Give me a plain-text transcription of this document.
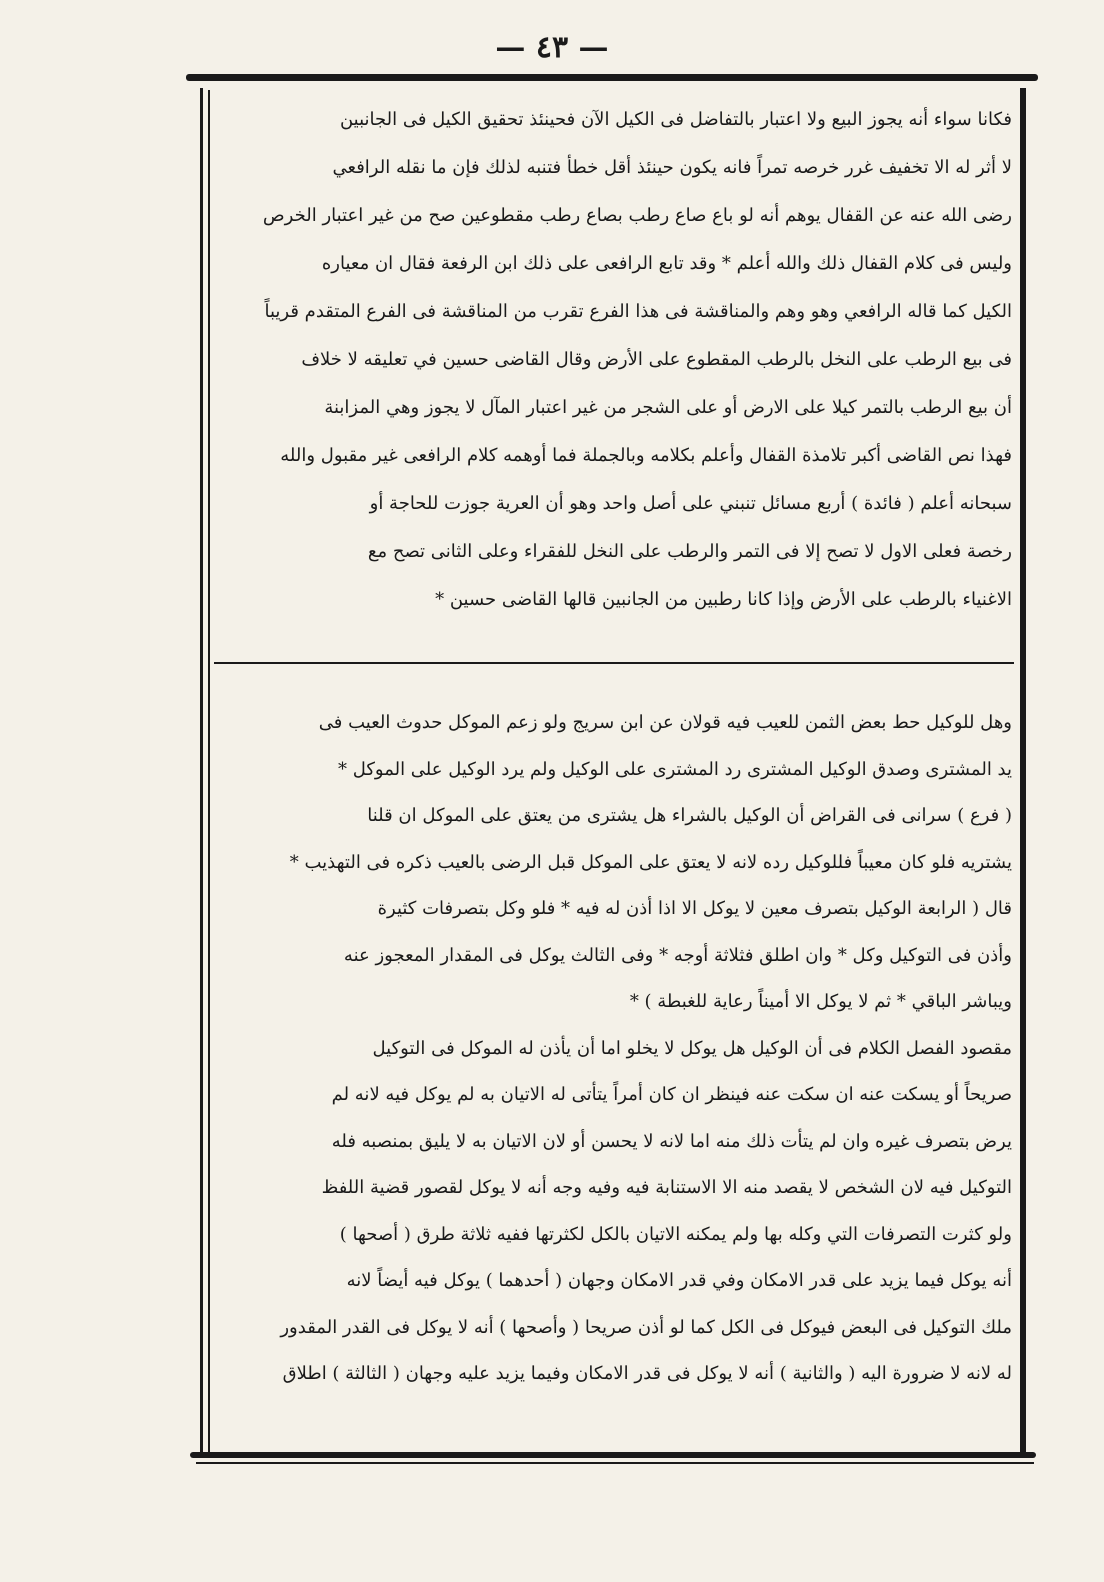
— ٤٣ —

فكانا سواء أنه يجوز البيع ولا اعتبار بالتفاضل فى الكيل الآن فحينئذ تحقيق الكيل فى الجانبين

لا أثر له الا تخفيف غرر خرصه تمراً فانه يكون حينئذ أقل خطأ فتنبه لذلك فإن ما نقله الرافعي

رضى الله عنه عن القفال يوهم أنه لو باع صاع رطب بصاع رطب مقطوعين صح من غير اعتبار الخرص

وليس فى كلام القفال ذلك والله أعلم * وقد تابع الرافعى على ذلك ابن الرفعة فقال ان معياره

الكيل كما قاله الرافعي وهو وهم والمناقشة فى هذا الفرع تقرب من المناقشة فى الفرع المتقدم قريباً

فى بيع الرطب على النخل بالرطب المقطوع على الأرض وقال القاضى حسين في تعليقه لا خلاف

أن بيع الرطب بالتمر كيلا على الارض أو على الشجر من غير اعتبار المآل لا يجوز وهي المزابنة

فهذا نص القاضى أكبر تلامذة القفال وأعلم بكلامه وبالجملة فما أوهمه كلام الرافعى غير مقبول والله

سبحانه أعلم ( فائدة ) أربع مسائل تنبني على أصل واحد وهو أن العرية جوزت للحاجة أو

رخصة فعلى الاول لا تصح إلا فى التمر والرطب على النخل للفقراء وعلى الثانى تصح مع

الاغنياء بالرطب على الأرض وإذا كانا رطبين من الجانبين قالها القاضى حسين *

وهل للوكيل حط بعض الثمن للعيب فيه قولان عن ابن سريج ولو زعم الموكل حدوث العيب فى

يد المشترى وصدق الوكيل المشترى رد المشترى على الوكيل ولم يرد الوكيل على الموكل *

( فرع ) سرانى فى القراض أن الوكيل بالشراء هل يشترى من يعتق على الموكل ان قلنا

يشتريه فلو كان معيباً فللوكيل رده لانه لا يعتق على الموكل قبل الرضى بالعيب ذكره فى التهذيب *

قال ( الرابعة الوكيل بتصرف معين لا يوكل الا اذا أذن له فيه * فلو وكل بتصرفات كثيرة

وأذن فى التوكيل وكل * وان اطلق فثلاثة أوجه * وفى الثالث يوكل فى المقدار المعجوز عنه

ويباشر الباقي * ثم لا يوكل الا أميناً رعاية للغبطة ) *

مقصود الفصل الكلام فى أن الوكيل هل يوكل لا يخلو اما أن يأذن له الموكل فى التوكيل

صريحاً أو يسكت عنه ان سكت عنه فينظر ان كان أمراً يتأتى له الاتيان به لم يوكل فيه لانه لم

يرض بتصرف غيره وان لم يتأت ذلك منه اما لانه لا يحسن أو لان الاتيان به لا يليق بمنصبه فله

التوكيل فيه لان الشخص لا يقصد منه الا الاستنابة فيه وفيه وجه أنه لا يوكل لقصور قضية اللفظ

ولو كثرت التصرفات التي وكله بها ولم يمكنه الاتيان بالكل لكثرتها ففيه ثلاثة طرق ( أصحها )

أنه يوكل فيما يزيد على قدر الامكان وفي قدر الامكان وجهان ( أحدهما ) يوكل فيه أيضاً لانه

ملك التوكيل فى البعض فيوكل فى الكل كما لو أذن صريحا ( وأصحها ) أنه لا يوكل فى القدر المقدور

له لانه لا ضرورة اليه ( والثانية ) أنه لا يوكل فى قدر الامكان وفيما يزيد عليه وجهان ( الثالثة ) اطلاق
